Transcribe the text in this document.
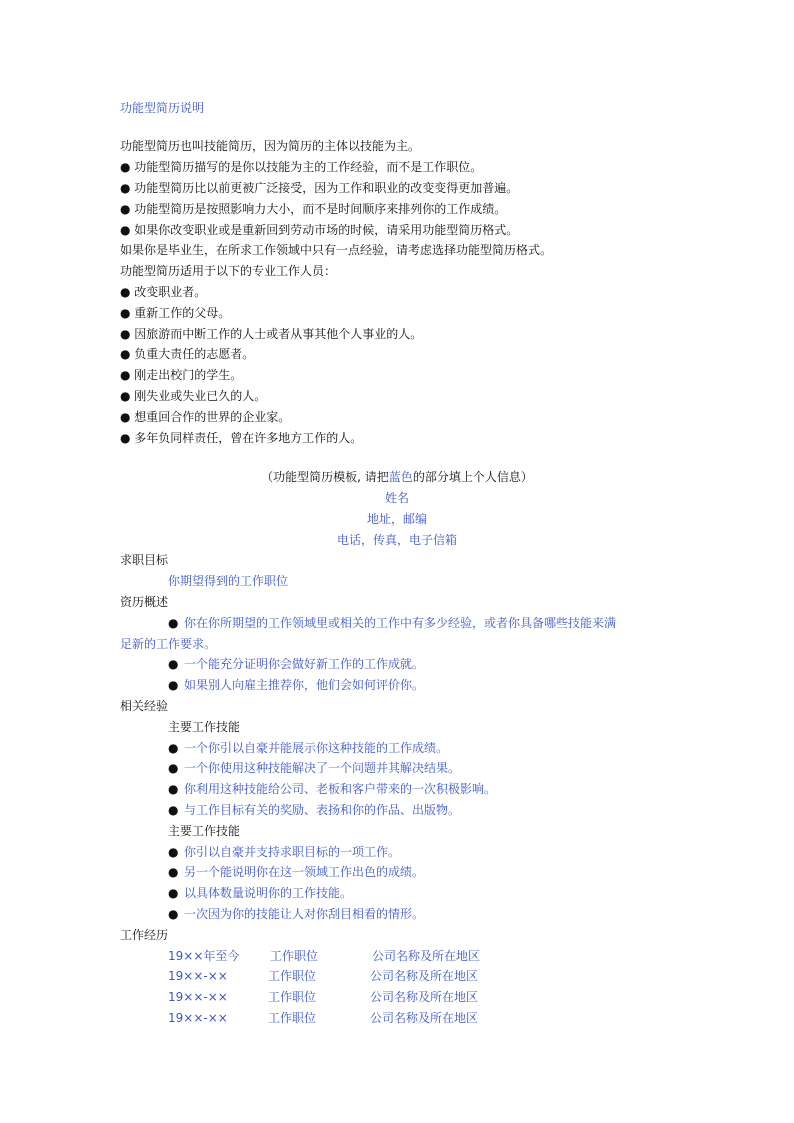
功能型简历说明
功能型简历也叫技能简历，因为简历的主体以技能为主。
● 功能型简历描写的是你以技能为主的工作经验，而不是工作职位。
● 功能型简历比以前更被广泛接受，因为工作和职业的改变变得更加普遍。
● 功能型简历是按照影响力大小，而不是时间顺序来排列你的工作成绩。
● 如果你改变职业或是重新回到劳动市场的时候，请采用功能型简历格式。
如果你是毕业生，在所求工作领域中只有一点经验，请考虑选择功能型简历格式。
功能型简历适用于以下的专业工作人员：
● 改变职业者。
● 重新工作的父母。
● 因旅游而中断工作的人士或者从事其他个人事业的人。
● 负重大责任的志愿者。
● 刚走出校门的学生。
● 刚失业或失业已久的人。
● 想重回合作的世界的企业家。
● 多年负同样责任，曾在许多地方工作的人。
（功能型简历模板, 请把蓝色的部分填上个人信息）
姓名
地址，邮编
电话，传真，电子信箱
求职目标
你期望得到的工作职位
资历概述
● 你在你所期望的工作领域里或相关的工作中有多少经验，或者你具备哪些技能来满
足新的工作要求。
● 一个能充分证明你会做好新工作的工作成就。
● 如果别人向雇主推荐你，他们会如何评价你。
相关经验
主要工作技能
● 一个你引以自豪并能展示你这种技能的工作成绩。
● 一个你使用这种技能解决了一个问题并其解决结果。
● 你利用这种技能给公司、老板和客户带来的一次积极影响。
● 与工作目标有关的奖励、表扬和你的作品、出版物。
主要工作技能
● 你引以自豪并支持求职目标的一项工作。
● 另一个能说明你在这一领域工作出色的成绩。
● 以具体数量说明你的工作技能。
● 一次因为你的技能让人对你刮目相看的情形。
工作经历
19××年至今	工作职位	公司名称及所在地区
19××-××	工作职位	公司名称及所在地区
19××-××	工作职位	公司名称及所在地区
19××-××	工作职位	公司名称及所在地区
